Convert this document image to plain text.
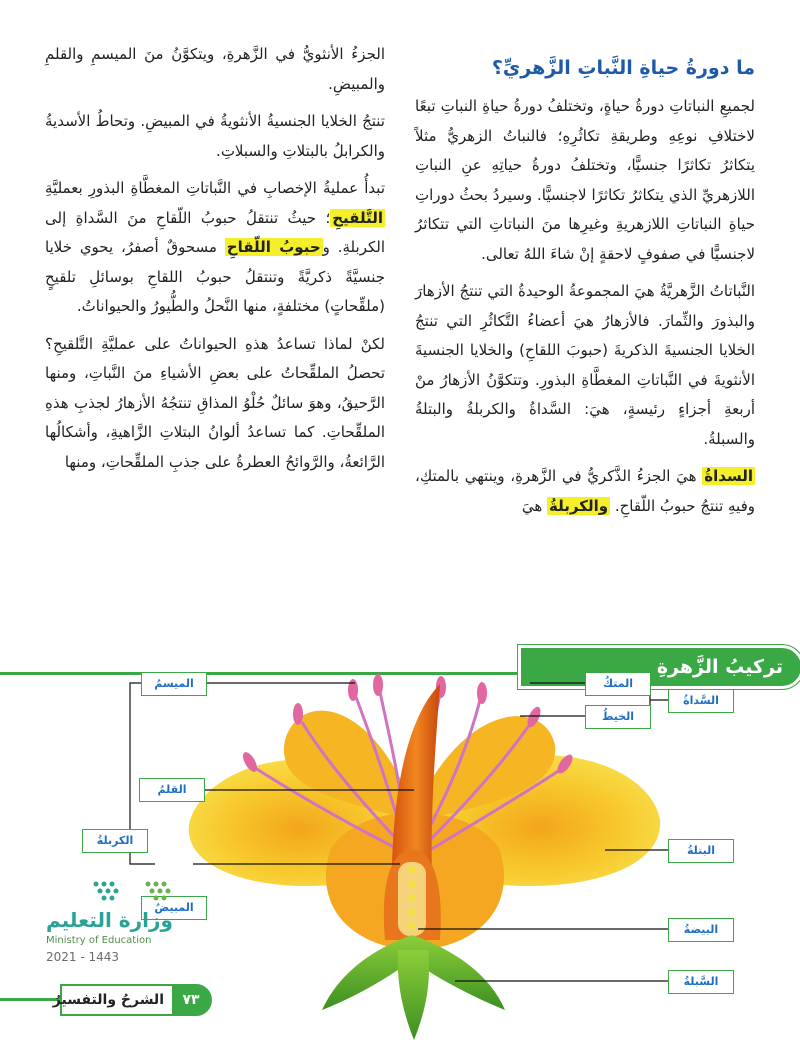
ما دورةُ حياةِ النَّباتِ الزَّهريِّ؟

لجميعِ النباتاتِ دورةُ حياةٍ، وتختلفُ دورةُ حياةِ النباتِ تبعًا لاختلافِ نوعِهِ وطريقةِ تكاثُرِهِ؛ فالنباتُ الزهريُّ مثلاً يتكاثرُ تكاثرًا جنسيًّا، وتختلفُ دورةُ حياتِهِ عنِ النباتِ اللازهريِّ الذي يتكاثرُ تكاثرًا لاجنسيًّا. وسيردُ بحثُ دوراتِ حياةِ النباتاتِ اللازهريةِ وغيرِها منَ النباتاتِ التي تتكاثرُ لاجنسيًّا في صفوفٍ لاحقةٍ إنْ شاءَ اللهُ تعالى.

النَّباتاتُ الزَّهريَّةُ هيَ المجموعةُ الوحيدةُ التي تنتجُ الأزهارَ والبذورَ والثِّمارَ. فالأزهارُ هيَ أعضاءُ التَّكاثُرِ التي تنتجُ الخلايا الجنسيةَ الذكريةَ (حبوبَ اللقاحِ) والخلايا الجنسيةَ الأنثويةَ في النَّباتاتِ المغطَّاةِ البذورِ. وتتكوَّنُ الأزهارُ منْ أربعةِ أجزاءٍ رئيسةٍ، هيَ: السَّداةُ والكربلةُ والبتلةُ والسبلةُ.

السداةُ هيَ الجزءُ الذَّكريُّ في الزَّهرةِ، وينتهي بالمتكِ، وفيهِ تنتجُ حبوبُ اللّقاحِ. والكربلةُ هيَ

الجزءُ الأنثويُّ في الزَّهرةِ، ويتكوَّنُ منَ الميسمِ والقلمِ والمبيضِ.

تنتجُ الخلايا الجنسيةُ الأنثويةُ في المبيضِ. وتحاطُ الأسديةُ والكرابلُ بالبتلاتِ والسبلاتِ.

تبدأُ عمليةُ الإخصابِ في النَّباتاتِ المغطَّاةِ البذورِ بعمليَّةِ التَّلقيحِ؛ حيثُ تنتقلُ حبوبُ اللّقاحِ منَ السَّداةِ إلى الكربلةِ. وحبوبُ اللّقاحِ مسحوقٌ أصفرُ، يحوي خلايا جنسيَّةً ذكريَّةً وتنتقلُ حبوبُ اللقاحِ بوسائلِ تلقيحٍ (ملقِّحاتٍ) مختلفةٍ، منها النَّحلُ والطُّيورُ والحيواناتُ.

لكنْ لماذا تساعدُ هذهِ الحيواناتُ على عمليَّةِ التَّلقيحِ؟ تحصلُ الملقِّحاتُ على بعضِ الأشياءِ منَ النَّباتِ، ومنها الرَّحيقُ، وهوَ سائلٌ حُلْوُ المذاقِ تنتجُهُ الأزهارُ لجذبِ هذهِ الملقِّحاتِ. كما تساعدُ ألوانُ البتلاتِ الزَّاهيةِ، وأشكالُها الرَّائعةُ، والرَّوائحُ العطرةُ على جذبِ الملقِّحاتِ، ومنها

تركيبُ الزَّهرةِ
الميسمُ
القلمُ
الكربلةُ
المبيضُ
المتكُ
السَّداةُ
الخيطُ
البتلةُ
البيضةُ
السَّبلةُ
وزارة التعليم
Ministry of Education
2021 - 1443
٧٣
الشرحُ والتفسيرُ
